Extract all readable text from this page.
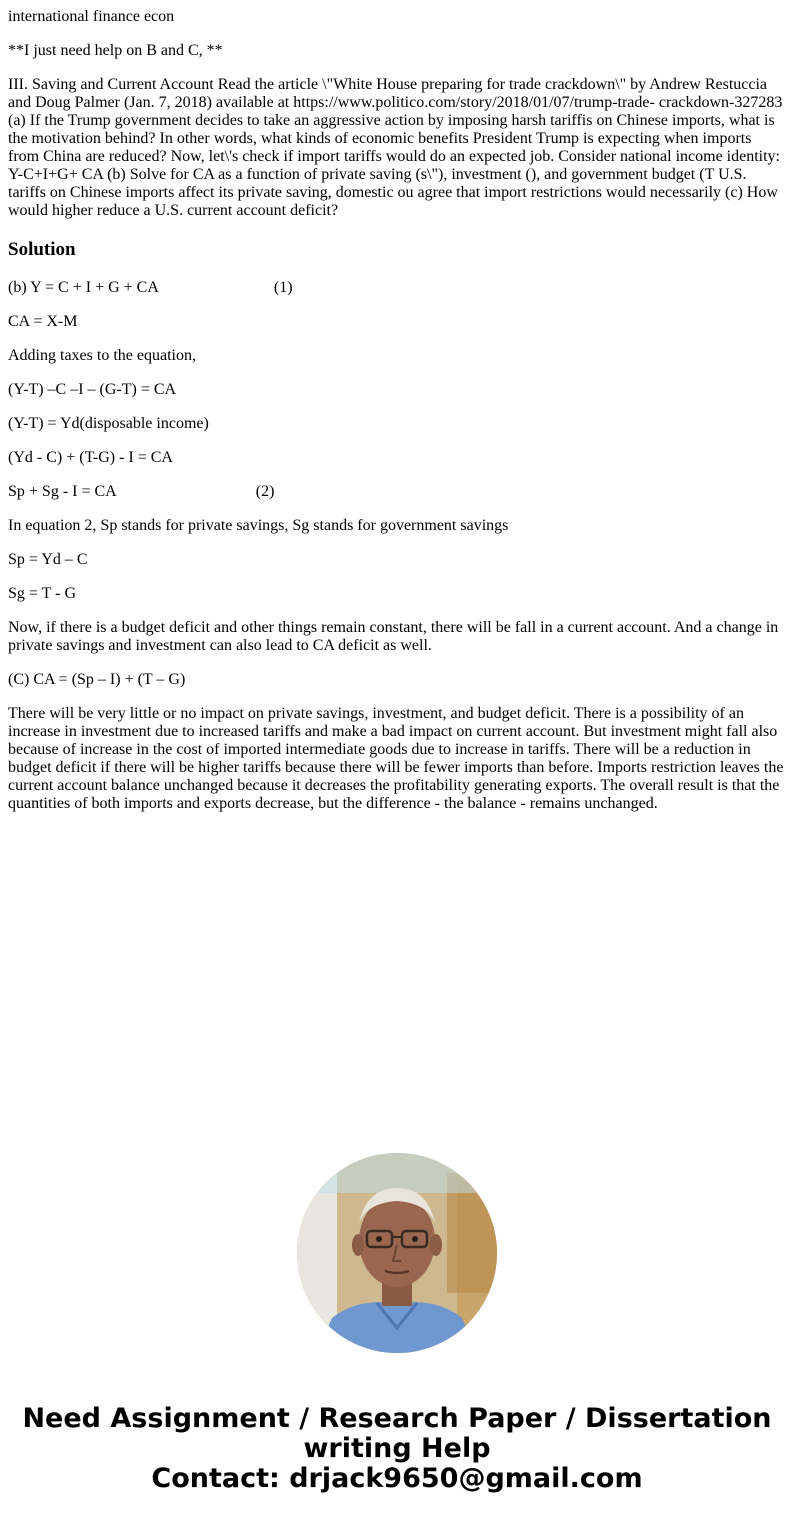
international finance econ

**I just need help on B and C, **

III. Saving and Current Account Read the article \"White House preparing for trade crackdown\" by Andrew Restuccia and Doug Palmer (Jan. 7, 2018) available at https://www.politico.com/story/2018/01/07/trump-trade- crackdown-327283 (a) If the Trump government decides to take an aggressive action by imposing harsh tariffis on Chinese imports, what is the motivation behind? In other words, what kinds of economic benefits President Trump is expecting when imports from China are reduced? Now, let\'s check if import tariffs would do an expected job. Consider national income identity: Y-C+I+G+ CA (b) Solve for CA as a function of private saving (s\"), investment (), and government budget (T U.S. tariffs on Chinese imports affect its private saving, domestic ou agree that import restrictions would necessarily (c) How would higher reduce a U.S. current account deficit?

Solution

(b) Y = C + I + G + CA	(1)

CA = X-M

Adding taxes to the equation,

(Y-T) –C –I – (G-T) = CA

(Y-T) = Yd(disposable income)

(Yd - C) + (T-G) - I = CA

Sp + Sg - I = CA	(2)

In equation 2, Sp stands for private savings, Sg stands for government savings

Sp = Yd – C

Sg = T - G

Now, if there is a budget deficit and other things remain constant, there will be fall in a current account. And a change in private savings and investment can also lead to CA deficit as well.

(C) CA = (Sp – I) + (T – G)

There will be very little or no impact on private savings, investment, and budget deficit. There is a possibility of an increase in investment due to increased tariffs and make a bad impact on current account. But investment might fall also because of increase in the cost of imported intermediate goods due to increase in tariffs. There will be a reduction in budget deficit if there will be higher tariffs because there will be fewer imports than before. Imports restriction leaves the current account balance unchanged because it decreases the profitability generating exports. The overall result is that the quantities of both imports and exports decrease, but the difference - the balance - remains unchanged.

Need Assignment / Research Paper / Dissertation
writing Help
Contact: drjack9650@gmail.com
